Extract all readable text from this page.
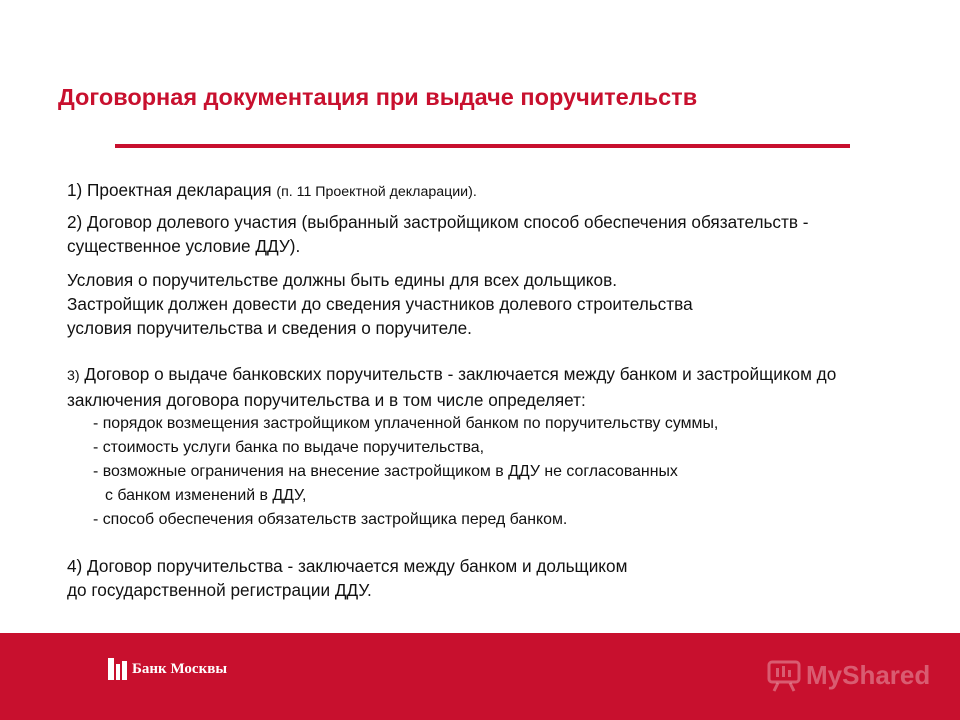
Договорная документация при выдаче поручительств

1) Проектная декларация (п. 11 Проектной декларации).

2) Договор долевого участия (выбранный застройщиком способ обеспечения обязательств - существенное условие ДДУ).

Условия о поручительстве должны быть едины для всех дольщиков.

Застройщик должен довести до сведения участников долевого строительства

условия поручительства и сведения о поручителе.

3) Договор о выдаче банковских поручительств - заключается между банком и застройщиком до заключения договора поручительства и в том числе определяет:

- порядок возмещения застройщиком уплаченной банком по поручительству суммы,

- стоимость услуги банка по выдаче поручительства,

- возможные ограничения на внесение застройщиком в ДДУ не согласованных

с банком изменений в ДДУ,

- способ обеспечения обязательств застройщика перед банком.

4) Договор поручительства - заключается между банком и дольщиком

до государственной регистрации ДДУ.

Банк Москвы	MyShared
